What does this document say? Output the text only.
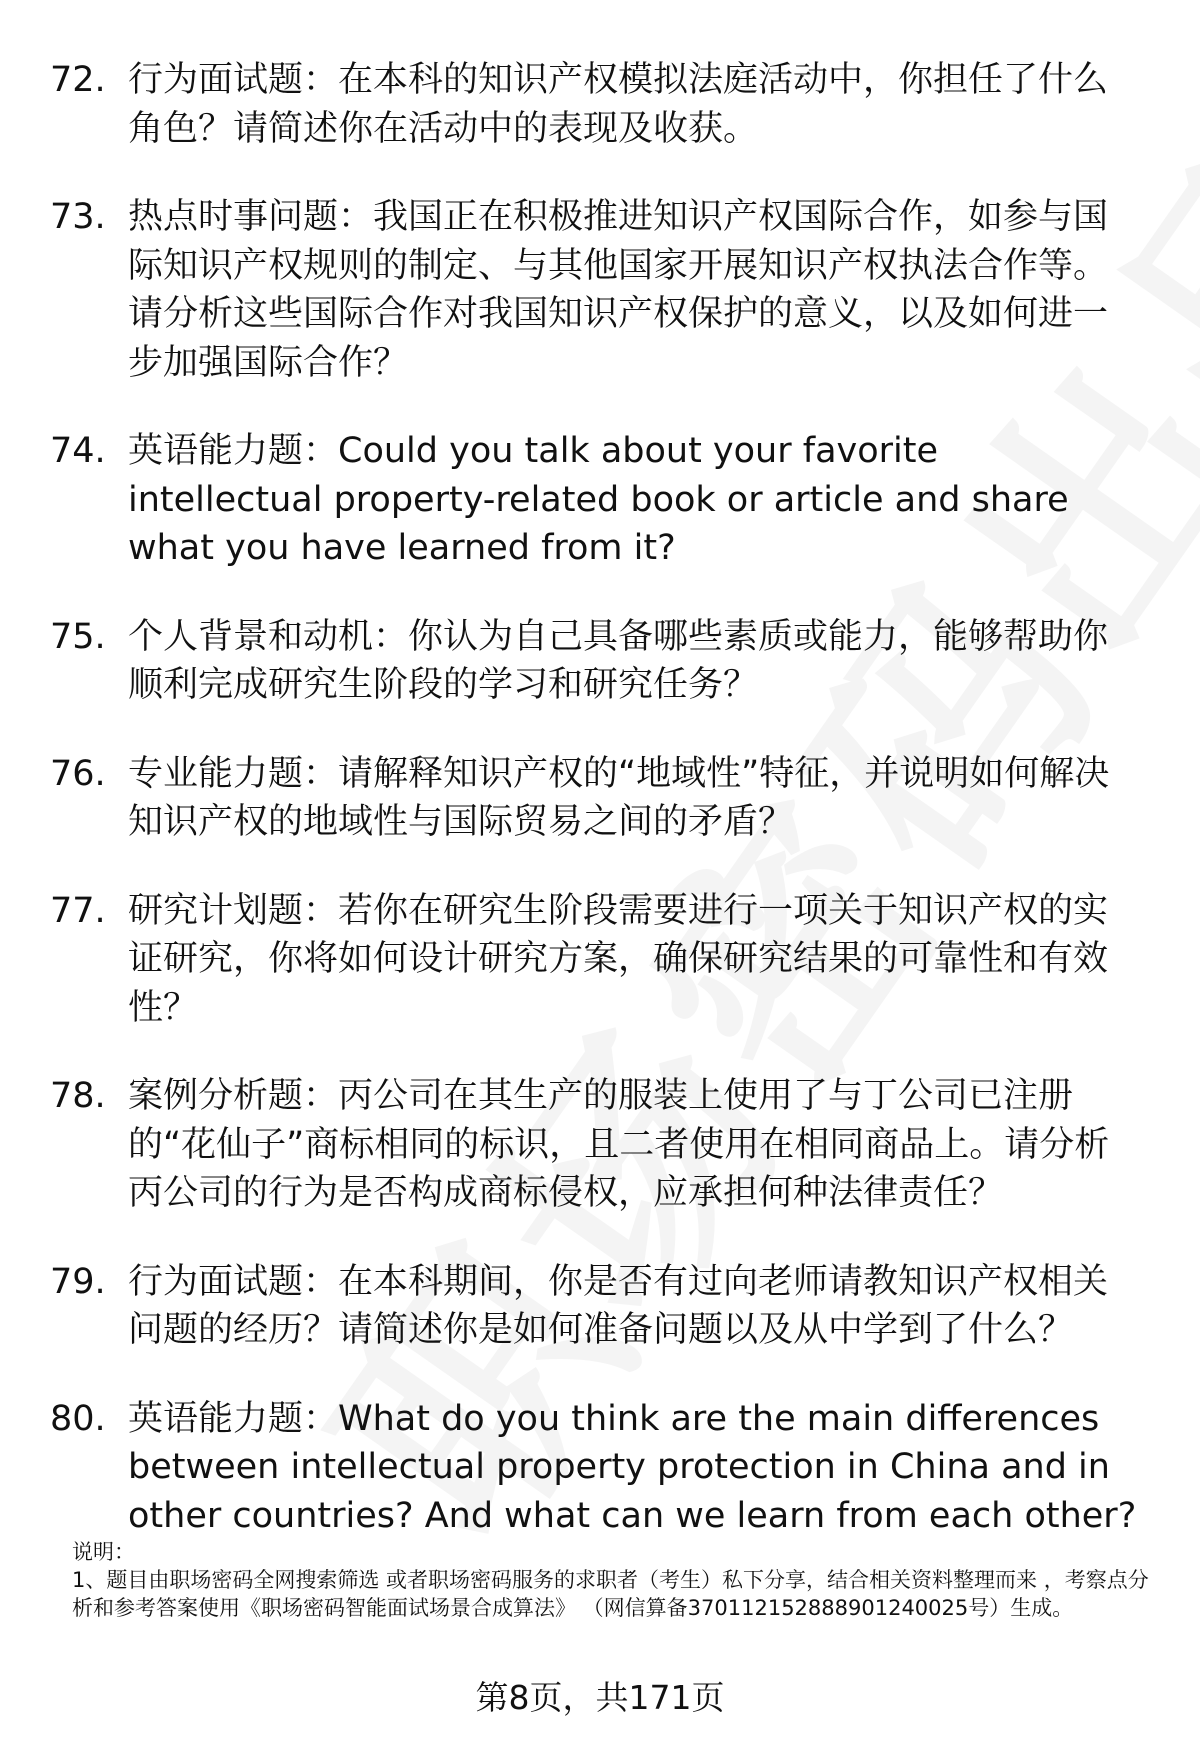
72. 行为面试题：在本科的知识产权模拟法庭活动中，你担任了什么角色？请简述你在活动中的表现及收获。
73. 热点时事问题：我国正在积极推进知识产权国际合作，如参与国际知识产权规则的制定、与其他国家开展知识产权执法合作等。请分析这些国际合作对我国知识产权保护的意义，以及如何进一步加强国际合作？
74. 英语能力题：Could you talk about your favorite intellectual property-related book or article and share what you have learned from it?
75. 个人背景和动机：你认为自己具备哪些素质或能力，能够帮助你顺利完成研究生阶段的学习和研究任务？
76. 专业能力题：请解释知识产权的“地域性”特征，并说明如何解决知识产权的地域性与国际贸易之间的矛盾？
77. 研究计划题：若你在研究生阶段需要进行一项关于知识产权的实证研究，你将如何设计研究方案，确保研究结果的可靠性和有效性？
78. 案例分析题：丙公司在其生产的服装上使用了与丁公司已注册的“花仙子”商标相同的标识，且二者使用在相同商品上。请分析丙公司的行为是否构成商标侵权，应承担何种法律责任？
79. 行为面试题：在本科期间，你是否有过向老师请教知识产权相关问题的经历？请简述你是如何准备问题以及从中学到了什么？
80. 英语能力题：What do you think are the main differences between intellectual property protection in China and in other countries? And what can we learn from each other?
说明：
1、题目由职场密码全网搜索筛选 或者职场密码服务的求职者（考生）私下分享，结合相关资料整理而来 ，考察点分析和参考答案使用《职场密码智能面试场景合成算法》 （网信算备370112152888901240025号）生成。
第8页，共171页
